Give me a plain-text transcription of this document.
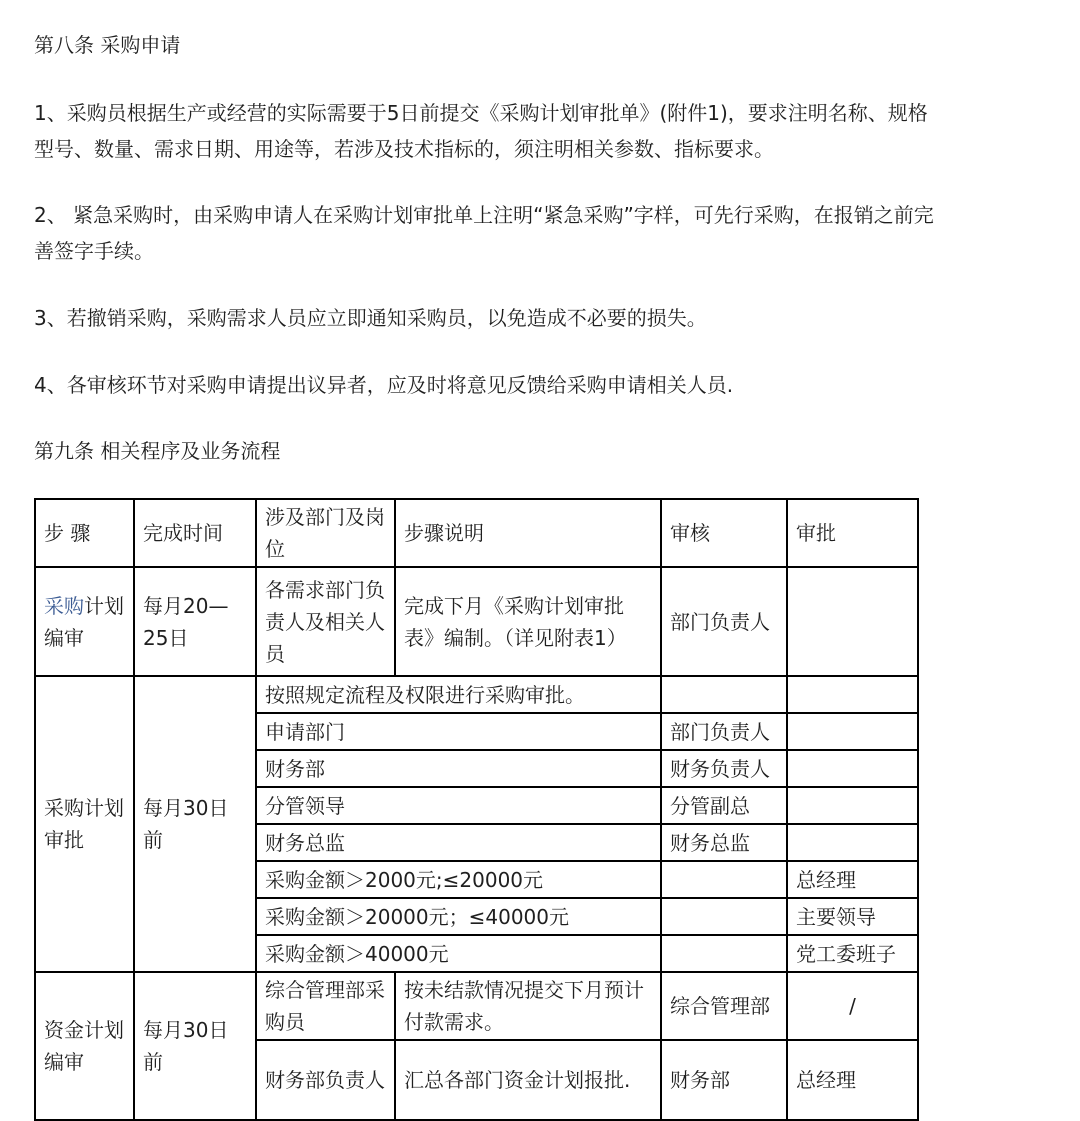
第八条 采购申请
1、采购员根据生产或经营的实际需要于5日前提交《采购计划审批单》(附件1)，要求注明名称、规格型号、数量、需求日期、用途等，若涉及技术指标的，须注明相关参数、指标要求。
2、 紧急采购时，由采购申请人在采购计划审批单上注明“紧急采购”字样，可先行采购，在报销之前完善签字手续。
3、若撤销采购，采购需求人员应立即通知采购员，以免造成不必要的损失。
4、各审核环节对采购申请提出议异者，应及时将意见反馈给采购申请相关人员.
第九条 相关程序及业务流程
步 骤	完成时间	涉及部门及岗位	步骤说明	审核	审批
采购计划编审	每月20—25日	各需求部门负责人及相关人员	完成下月《采购计划审批表》编制。（详见附表1）	部门负责人	
采购计划审批	每月30日前	按照规定流程及权限进行采购审批。			
		申请部门		部门负责人	
		财务部		财务负责人	
		分管领导		分管副总	
		财务总监		财务总监	
		采购金额＞2000元;≤20000元			总经理
		采购金额＞20000元；≤40000元			主要领导
		采购金额＞40000元			党工委班子
资金计划编审	每月30日前	综合管理部采购员	按未结款情况提交下月预计付款需求。	综合管理部	/
		财务部负责人	汇总各部门资金计划报批.	财务部	总经理
